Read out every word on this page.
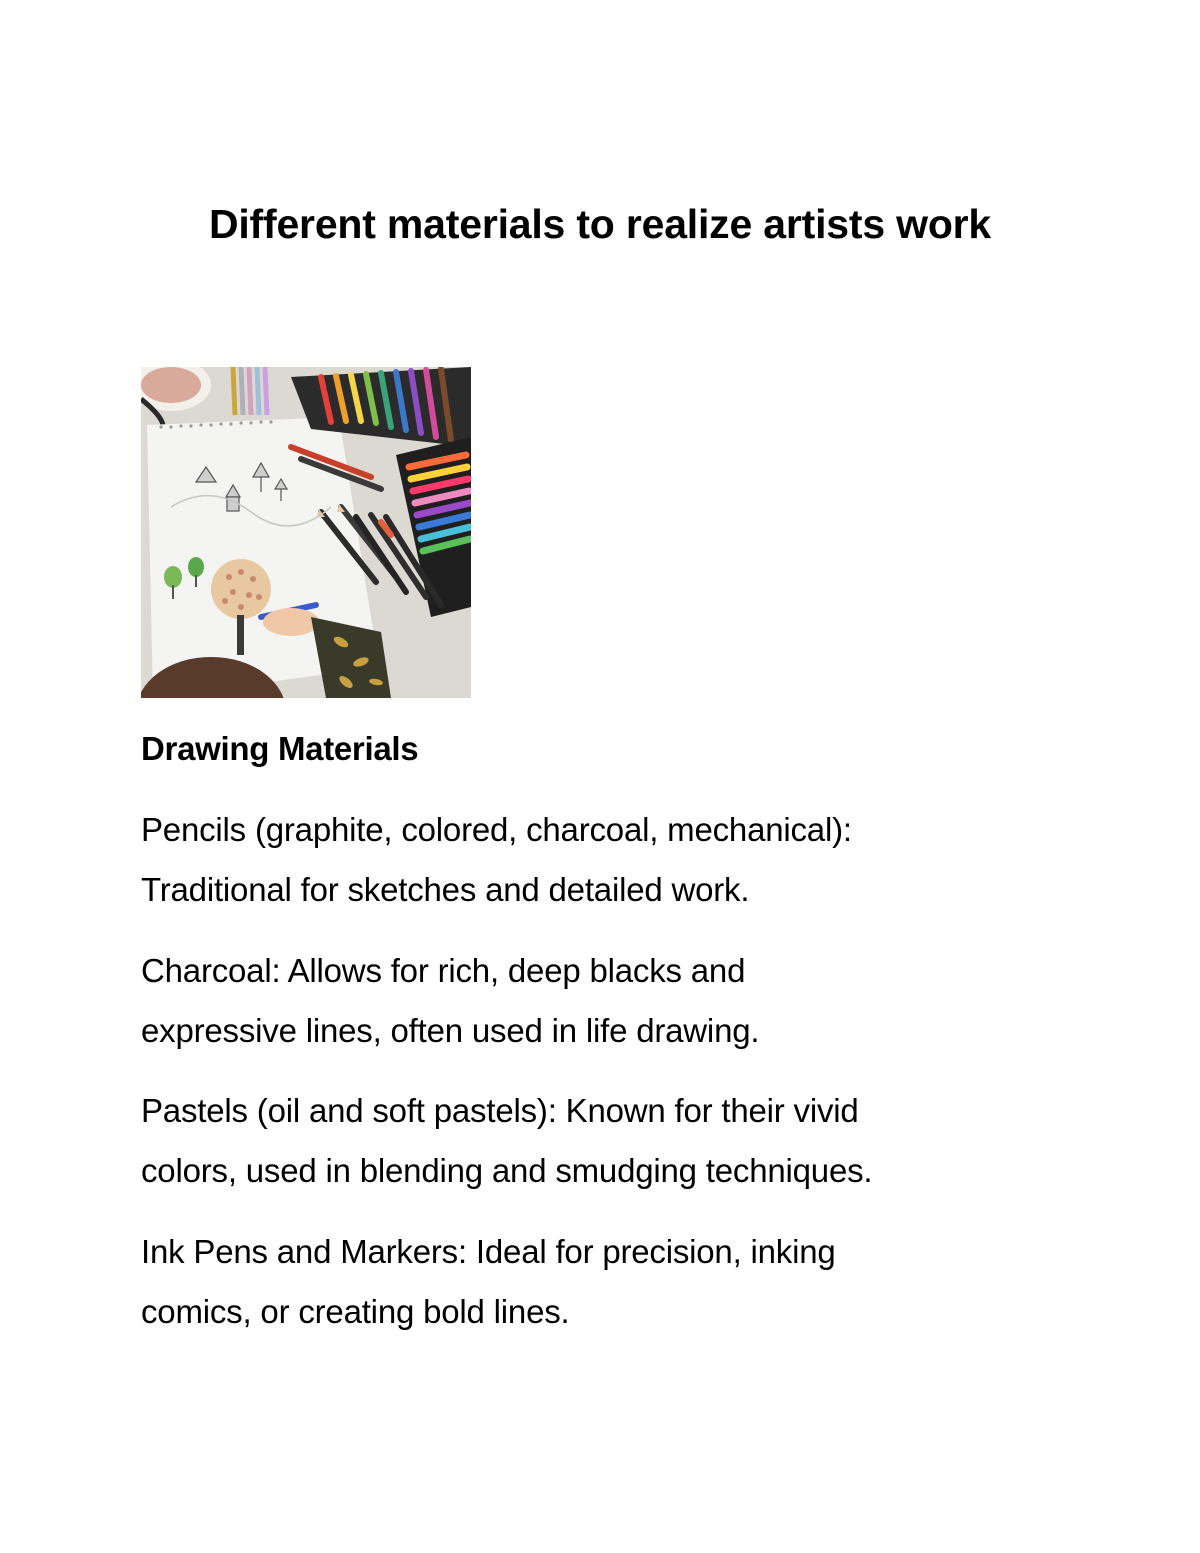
Different materials to realize artists work
Drawing Materials

Pencils (graphite, colored, charcoal, mechanical):
Traditional for sketches and detailed work.

Charcoal: Allows for rich, deep blacks and
expressive lines, often used in life drawing.

Pastels (oil and soft pastels): Known for their vivid
colors, used in blending and smudging techniques.

Ink Pens and Markers: Ideal for precision, inking
comics, or creating bold lines.
